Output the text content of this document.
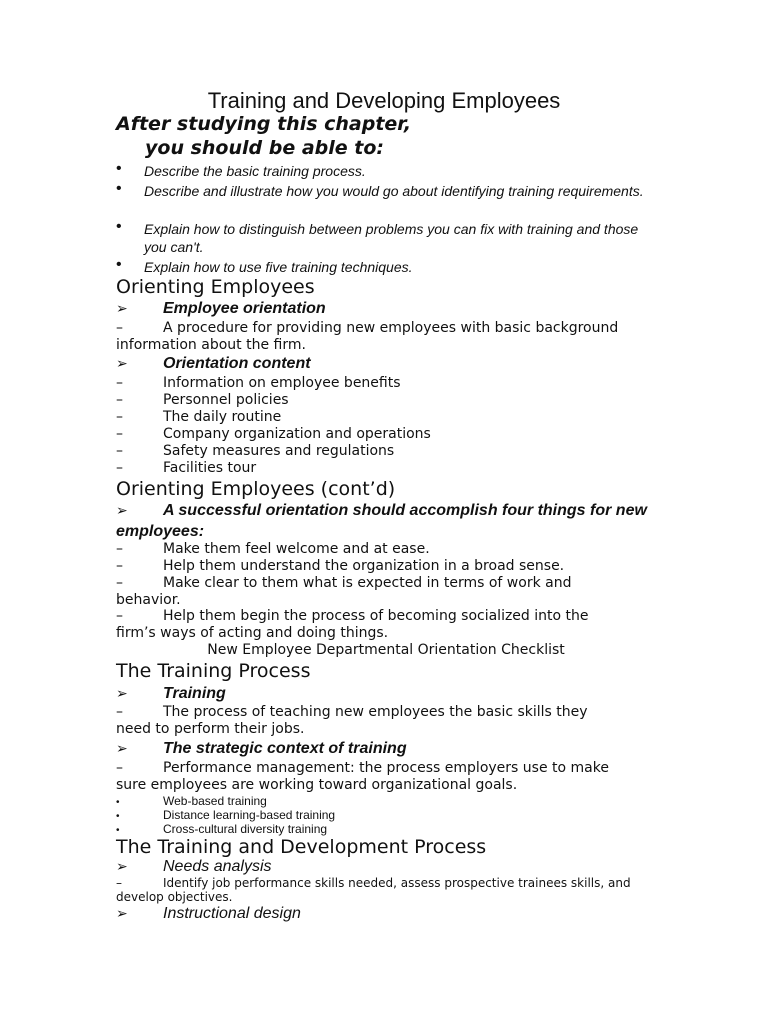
Training and Developing Employees
After studying this chapter,
you should be able to:
•	Describe the basic training process.
•	Describe and illustrate how you would go about identifying training requirements.
•	Explain how to distinguish between problems you can fix with training and those you can't.
•	Explain how to use five training techniques.
Orienting Employees
➢	Employee orientation
–	A procedure for providing new employees with basic background information about the firm.
➢	Orientation content
–	Information on employee benefits
–	Personnel policies
–	The daily routine
–	Company organization and operations
–	Safety measures and regulations
–	Facilities tour
Orienting Employees (cont’d)
➢	A successful orientation should accomplish four things for new employees:
–	Make them feel welcome and at ease.
–	Help them understand the organization in a broad sense.
–	Make clear to them what is expected in terms of work and behavior.
–	Help them begin the process of becoming socialized into the firm’s ways of acting and doing things.
New Employee Departmental Orientation Checklist
The Training Process
➢	Training
–	The process of teaching new employees the basic skills they need to perform their jobs.
➢	The strategic context of training
–	Performance management: the process employers use to make sure employees are working toward organizational goals.
•	Web-based training
•	Distance learning-based training
•	Cross-cultural diversity training
The Training and Development Process
➢	Needs analysis
–	Identify job performance skills needed, assess prospective trainees skills, and develop objectives.
➢	Instructional design
